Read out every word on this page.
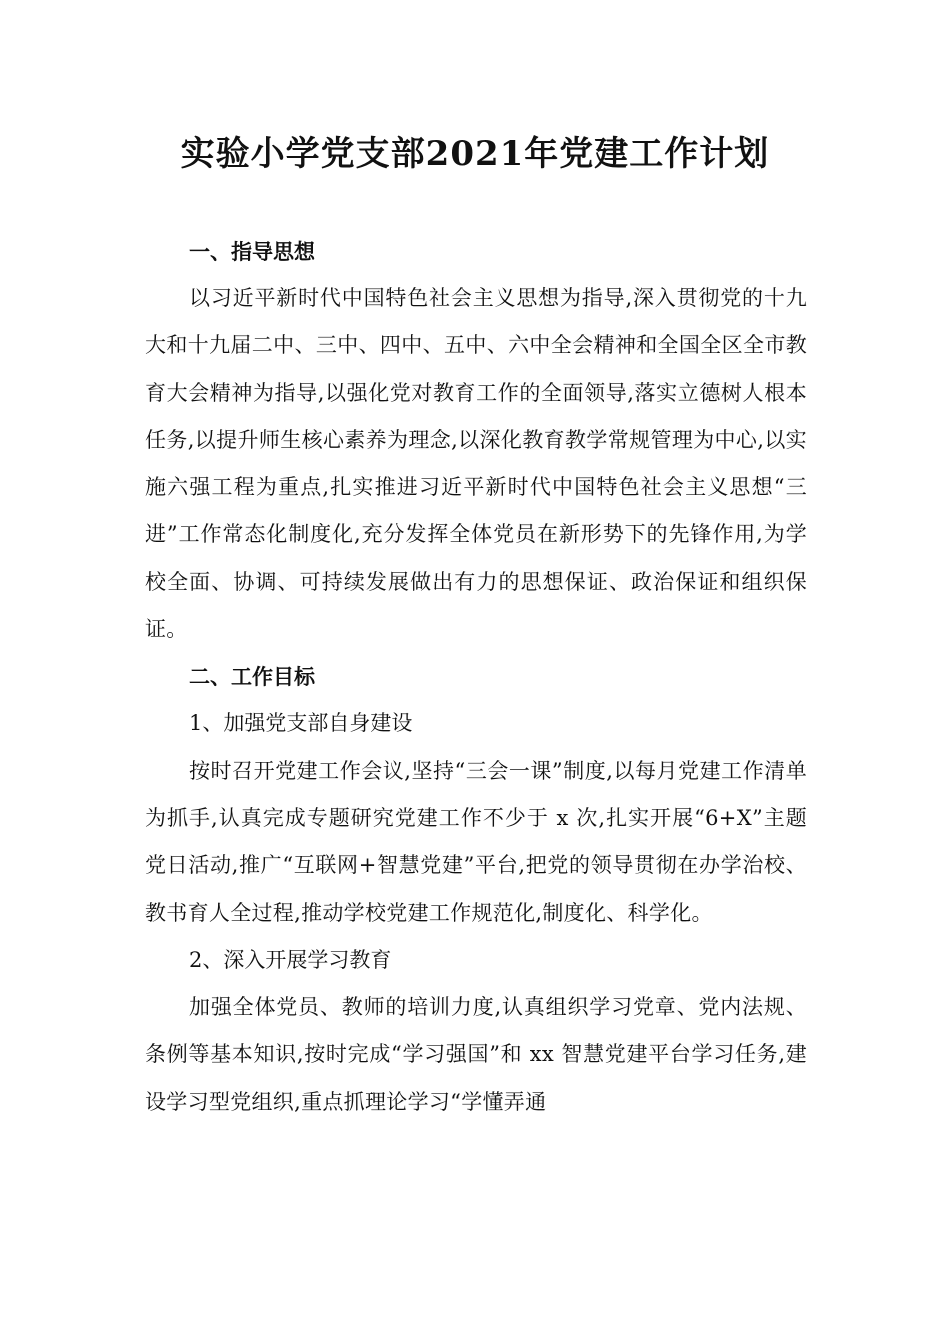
实验小学党支部2021年党建工作计划

一、指导思想

以习近平新时代中国特色社会主义思想为指导,深入贯彻党的十九大和十九届二中、三中、四中、五中、六中全会精神和全国全区全市教育大会精神为指导,以强化党对教育工作的全面领导,落实立德树人根本任务,以提升师生核心素养为理念,以深化教育教学常规管理为中心,以实施六强工程为重点,扎实推进习近平新时代中国特色社会主义思想“三进”工作常态化制度化,充分发挥全体党员在新形势下的先锋作用,为学校全面、协调、可持续发展做出有力的思想保证、政治保证和组织保证。

二、工作目标

1、加强党支部自身建设

按时召开党建工作会议,坚持“三会一课”制度,以每月党建工作清单为抓手,认真完成专题研究党建工作不少于 x 次,扎实开展“6+X”主题党日活动,推广“互联网+智慧党建”平台,把党的领导贯彻在办学治校、教书育人全过程,推动学校党建工作规范化,制度化、科学化。

2、深入开展学习教育

加强全体党员、教师的培训力度,认真组织学习党章、党内法规、条例等基本知识,按时完成“学习强国”和 xx 智慧党建平台学习任务,建设学习型党组织,重点抓理论学习“学懂弄通
